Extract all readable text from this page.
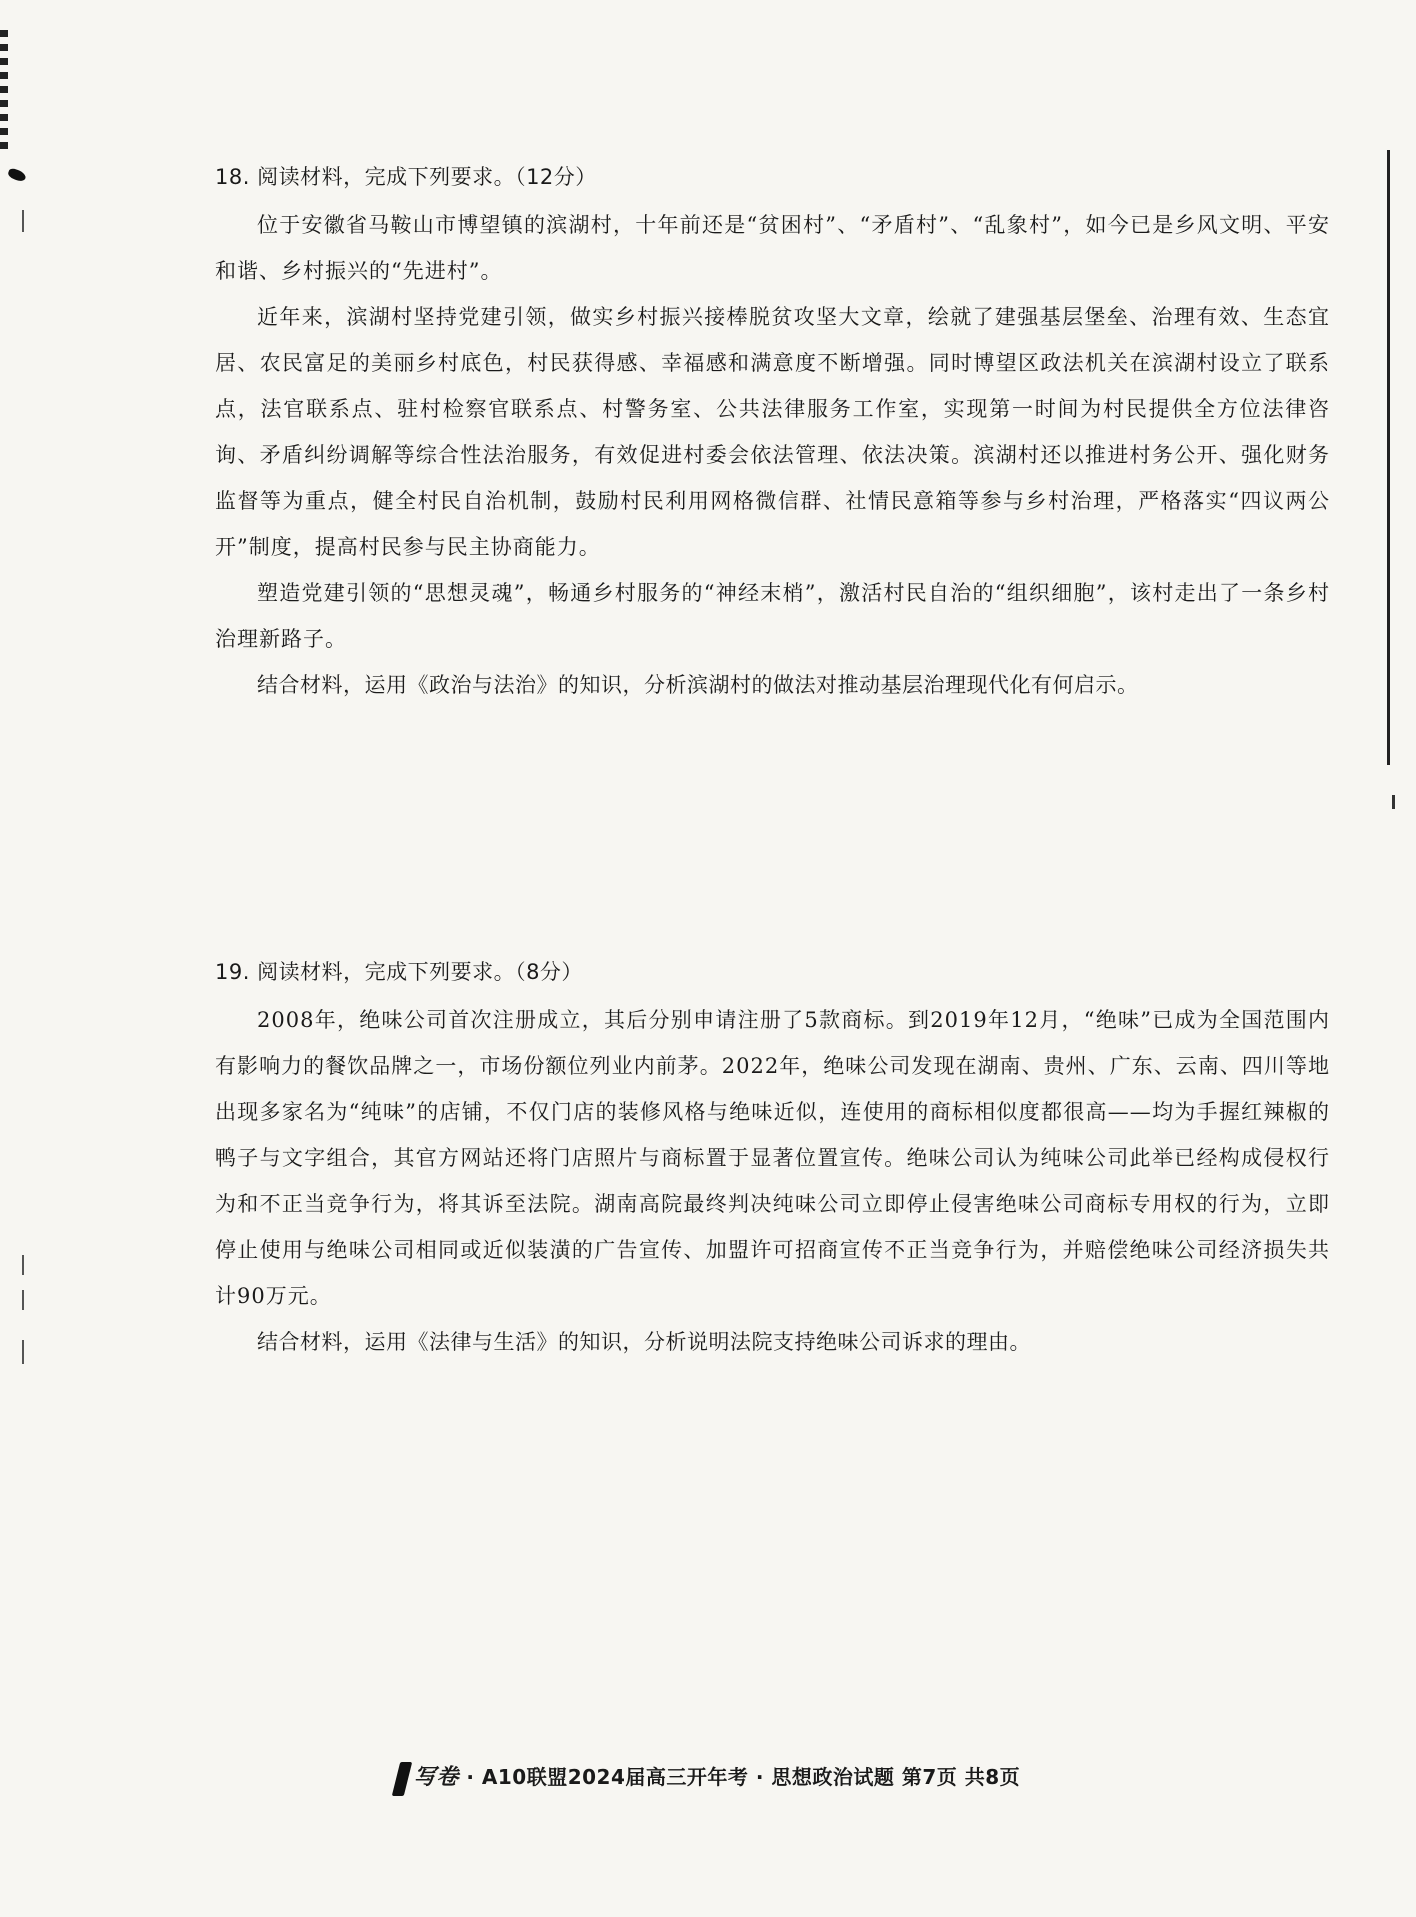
18. 阅读材料，完成下列要求。（12分）

位于安徽省马鞍山市博望镇的滨湖村，十年前还是“贫困村”、“矛盾村”、“乱象村”，如今已是乡风文明、平安和谐、乡村振兴的“先进村”。

近年来，滨湖村坚持党建引领，做实乡村振兴接棒脱贫攻坚大文章，绘就了建强基层堡垒、治理有效、生态宜居、农民富足的美丽乡村底色，村民获得感、幸福感和满意度不断增强。同时博望区政法机关在滨湖村设立了联系点，法官联系点、驻村检察官联系点、村警务室、公共法律服务工作室，实现第一时间为村民提供全方位法律咨询、矛盾纠纷调解等综合性法治服务，有效促进村委会依法管理、依法决策。滨湖村还以推进村务公开、强化财务监督等为重点，健全村民自治机制，鼓励村民利用网格微信群、社情民意箱等参与乡村治理，严格落实“四议两公开”制度，提高村民参与民主协商能力。

塑造党建引领的“思想灵魂”，畅通乡村服务的“神经末梢”，激活村民自治的“组织细胞”，该村走出了一条乡村治理新路子。

结合材料，运用《政治与法治》的知识，分析滨湖村的做法对推动基层治理现代化有何启示。

19. 阅读材料，完成下列要求。（8分）

2008年，绝味公司首次注册成立，其后分别申请注册了5款商标。到2019年12月，“绝味”已成为全国范围内有影响力的餐饮品牌之一，市场份额位列业内前茅。2022年，绝味公司发现在湖南、贵州、广东、云南、四川等地出现多家名为“纯味”的店铺，不仅门店的装修风格与绝味近似，连使用的商标相似度都很高——均为手握红辣椒的鸭子与文字组合，其官方网站还将门店照片与商标置于显著位置宣传。绝味公司认为纯味公司此举已经构成侵权行为和不正当竞争行为，将其诉至法院。湖南高院最终判决纯味公司立即停止侵害绝味公司商标专用权的行为，立即停止使用与绝味公司相同或近似装潢的广告宣传、加盟许可招商宣传不正当竞争行为，并赔偿绝味公司经济损失共计90万元。

结合材料，运用《法律与生活》的知识，分析说明法院支持绝味公司诉求的理由。

写卷 · A10联盟2024届高三开年考 · 思想政治试题 第7页 共8页
